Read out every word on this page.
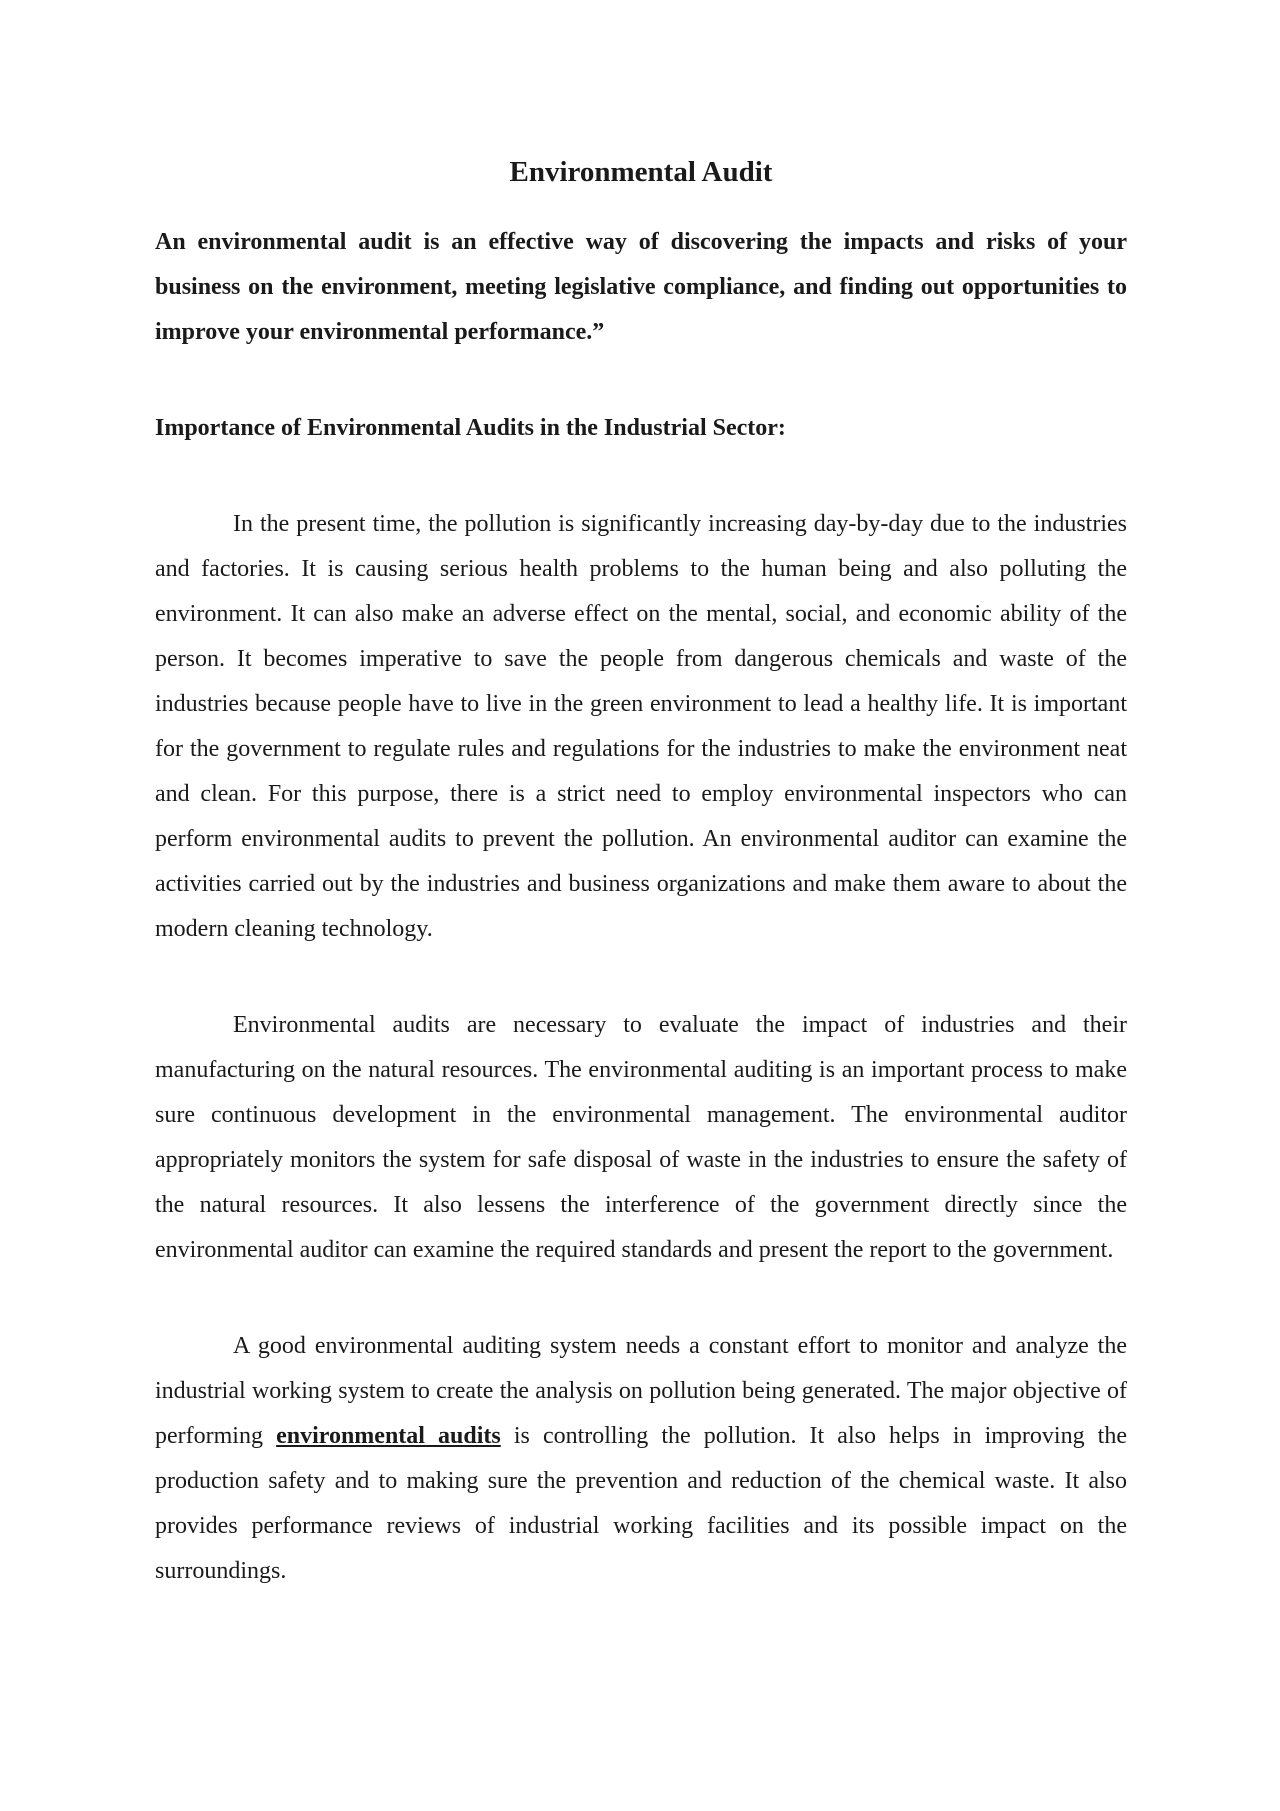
Environmental Audit

An environmental audit is an effective way of discovering the impacts and risks of your business on the environment, meeting legislative compliance, and finding out opportunities to improve your environmental performance.”

Importance of Environmental Audits in the Industrial Sector:

In the present time, the pollution is significantly increasing day-by-day due to the industries and factories. It is causing serious health problems to the human being and also polluting the environment. It can also make an adverse effect on the mental, social, and economic ability of the person. It becomes imperative to save the people from dangerous chemicals and waste of the industries because people have to live in the green environment to lead a healthy life. It is important for the government to regulate rules and regulations for the industries to make the environment neat and clean. For this purpose, there is a strict need to employ environmental inspectors who can perform environmental audits to prevent the pollution. An environmental auditor can examine the activities carried out by the industries and business organizations and make them aware to about the modern cleaning technology.

Environmental audits are necessary to evaluate the impact of industries and their manufacturing on the natural resources. The environmental auditing is an important process to make sure continuous development in the environmental management. The environmental auditor appropriately monitors the system for safe disposal of waste in the industries to ensure the safety of the natural resources. It also lessens the interference of the government directly since the environmental auditor can examine the required standards and present the report to the government.

A good environmental auditing system needs a constant effort to monitor and analyze the industrial working system to create the analysis on pollution being generated. The major objective of performing environmental audits is controlling the pollution. It also helps in improving the production safety and to making sure the prevention and reduction of the chemical waste. It also provides performance reviews of industrial working facilities and its possible impact on the surroundings.
